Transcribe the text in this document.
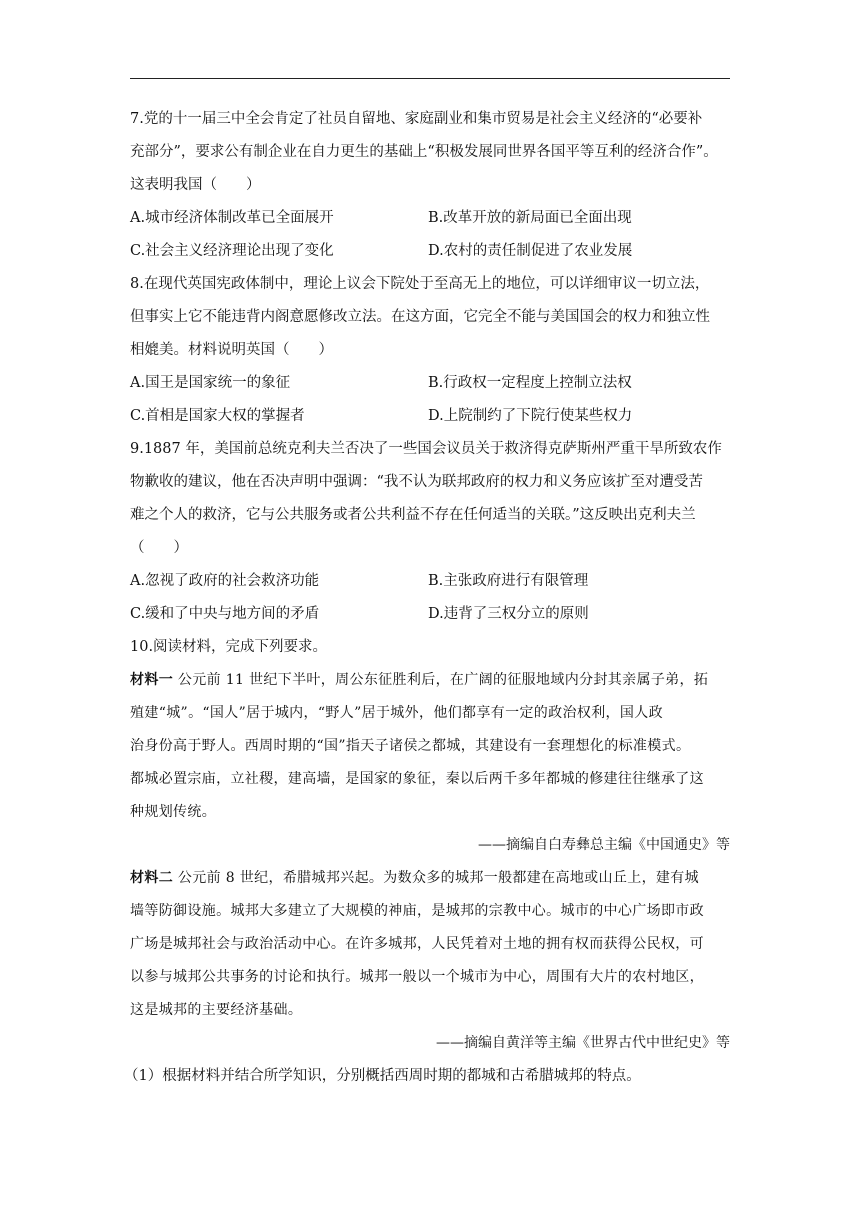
7.党的十一届三中全会肯定了社员自留地、家庭副业和集市贸易是社会主义经济的“必要补
充部分”，要求公有制企业在自力更生的基础上“积极发展同世界各国平等互利的经济合作”。
这表明我国（　　）
A.城市经济体制改革已全面展开	B.改革开放的新局面已全面出现
C.社会主义经济理论出现了变化	D.农村的责任制促进了农业发展
8.在现代英国宪政体制中，理论上议会下院处于至高无上的地位，可以详细审议一切立法，
但事实上它不能违背内阁意愿修改立法。在这方面，它完全不能与美国国会的权力和独立性
相媲美。材料说明英国（　　）
A.国王是国家统一的象征	B.行政权一定程度上控制立法权
C.首相是国家大权的掌握者	D.上院制约了下院行使某些权力
9.1887 年，美国前总统克利夫兰否决了一些国会议员关于救济得克萨斯州严重干旱所致农作
物歉收的建议，他在否决声明中强调：“我不认为联邦政府的权力和义务应该扩至对遭受苦
难之个人的救济，它与公共服务或者公共利益不存在任何适当的关联。”这反映出克利夫兰
（　　）
A.忽视了政府的社会救济功能	B.主张政府进行有限管理
C.缓和了中央与地方间的矛盾	D.违背了三权分立的原则
10.阅读材料，完成下列要求。
材料一 公元前 11 世纪下半叶，周公东征胜利后，在广阔的征服地域内分封其亲属子弟，拓
殖建“城”。“国人”居于城内，“野人”居于城外，他们都享有一定的政治权利，国人政
治身份高于野人。西周时期的“国”指天子诸侯之都城，其建设有一套理想化的标准模式。
都城必置宗庙，立社稷，建高墙，是国家的象征，秦以后两千多年都城的修建往往继承了这
种规划传统。
——摘编自白寿彝总主编《中国通史》等
材料二 公元前 8 世纪，希腊城邦兴起。为数众多的城邦一般都建在高地或山丘上，建有城
墙等防御设施。城邦大多建立了大规模的神庙，是城邦的宗教中心。城市的中心广场即市政
广场是城邦社会与政治活动中心。在许多城邦，人民凭着对土地的拥有权而获得公民权，可
以参与城邦公共事务的讨论和执行。城邦一般以一个城市为中心，周围有大片的农村地区，
这是城邦的主要经济基础。
——摘编自黄洋等主编《世界古代中世纪史》等
（1）根据材料并结合所学知识，分别概括西周时期的都城和古希腊城邦的特点。
